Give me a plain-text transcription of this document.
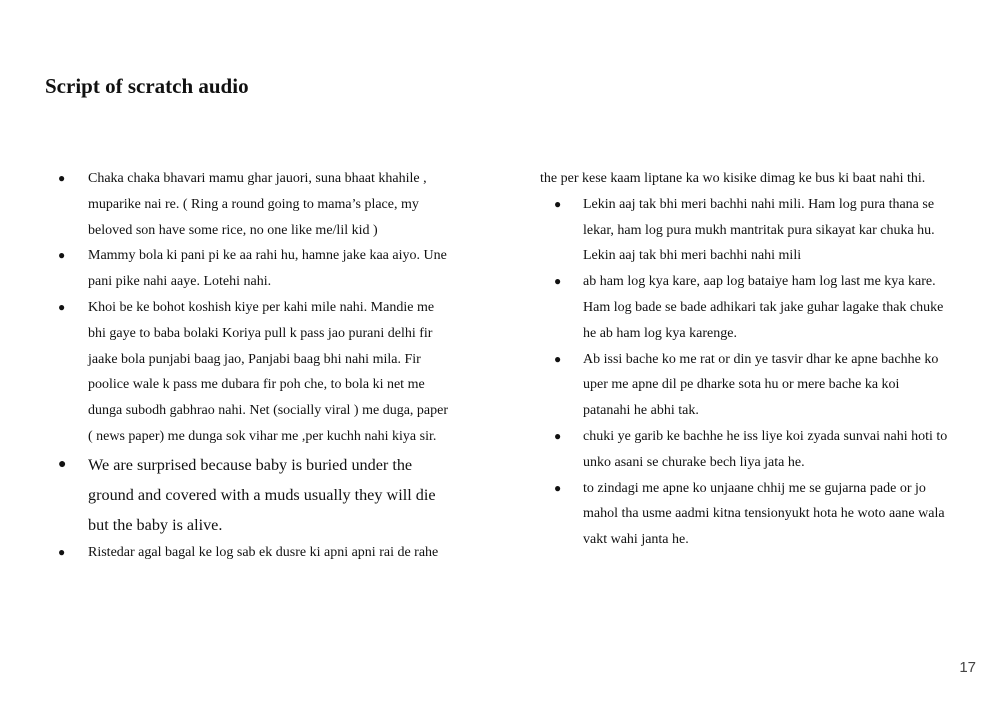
Script of scratch audio
● Chaka chaka bhavari mamu ghar jauori, suna bhaat khahile ,
muparike nai re. ( Ring a round going to mama’s place, my
beloved son have some rice, no one like me/lil kid )
● Mammy bola ki pani pi ke aa rahi hu, hamne jake kaa aiyo. Une
pani pike nahi aaye. Lotehi nahi.
● Khoi be ke bohot koshish kiye per kahi mile nahi. Mandie me
bhi gaye to baba bolaki Koriya pull k pass jao purani delhi fir
jaake bola punjabi baag jao, Panjabi baag bhi nahi mila. Fir
poolice wale k pass me dubara fir poh che, to bola ki net me
dunga subodh gabhrao nahi. Net (socially viral ) me duga, paper
( news paper) me dunga sok vihar me ,per kuchh nahi kiya sir.
● We are surprised because baby is buried under the
ground and covered with a muds usually they will die
but the baby is alive.
● Ristedar agal bagal ke log sab ek dusre ki apni apni rai de rahe
the per kese kaam liptane ka wo kisike dimag ke bus ki baat nahi thi.
● Lekin aaj tak bhi meri bachhi nahi mili. Ham log pura thana se
lekar, ham log pura mukh mantritak pura sikayat kar chuka hu.
Lekin aaj tak bhi meri bachhi nahi mili
● ab ham log kya kare, aap log bataiye ham log last me kya kare.
Ham log bade se bade adhikari tak jake guhar lagake thak chuke
he ab ham log kya karenge.
● Ab issi bache ko me rat or din ye tasvir dhar ke apne bachhe ko
uper me apne dil pe dharke sota hu or mere bache ka koi
patanahi he abhi tak.
● chuki ye garib ke bachhe he iss liye koi zyada sunvai nahi hoti to
unko asani se churake bech liya jata he.
● to zindagi me apne ko unjaane chhij me se gujarna pade or jo
mahol tha usme aadmi kitna tensionyukt hota he woto aane wala
vakt wahi janta he.
17
